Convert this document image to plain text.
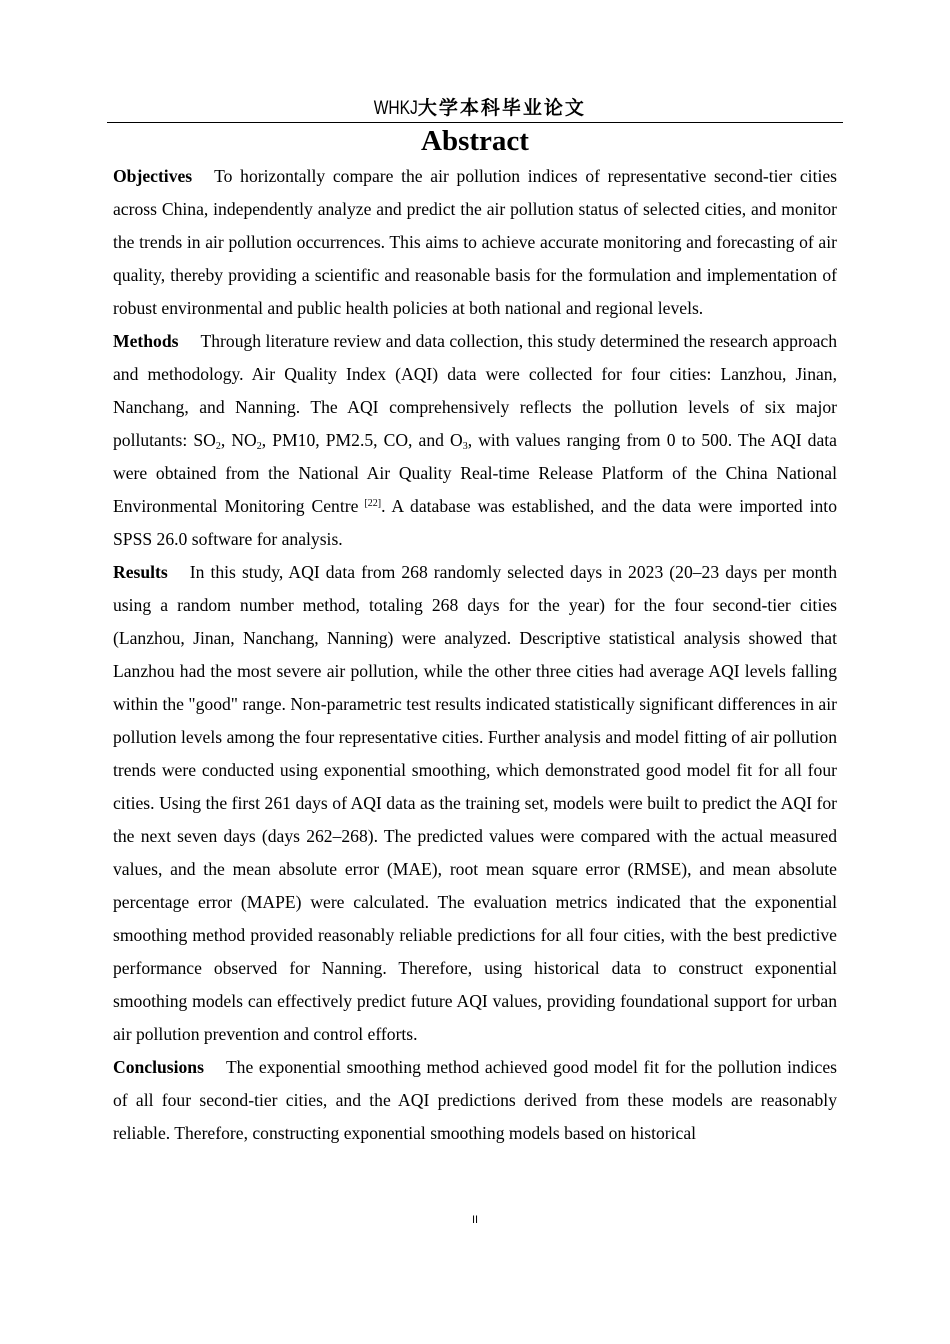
WHKJ大学本科毕业论文
Abstract

Objectives To horizontally compare the air pollution indices of representative second-tier cities across China, independently analyze and predict the air pollution status of selected cities, and monitor the trends in air pollution occurrences. This aims to achieve accurate monitoring and forecasting of air quality, thereby providing a scientific and reasonable basis for the formulation and implementation of robust environmental and public health policies at both national and regional levels.

Methods Through literature review and data collection, this study determined the research approach and methodology. Air Quality Index (AQI) data were collected for four cities: Lanzhou, Jinan, Nanchang, and Nanning. The AQI comprehensively reflects the pollution levels of six major pollutants: $SO_2$, $NO_2$, PM10, PM2.5, CO, and $O_3$, with values ranging from 0 to 500. The AQI data were obtained from the National Air Quality Real-time Release Platform of the China National Environmental Monitoring Centre [22]. A database was established, and the data were imported into SPSS 26.0 software for analysis.

Results In this study, AQI data from 268 randomly selected days in 2023 (20–23 days per month using a random number method, totaling 268 days for the year) for the four second-tier cities (Lanzhou, Jinan, Nanchang, Nanning) were analyzed. Descriptive statistical analysis showed that Lanzhou had the most severe air pollution, while the other three cities had average AQI levels falling within the "good" range. Non-parametric test results indicated statistically significant differences in air pollution levels among the four representative cities. Further analysis and model fitting of air pollution trends were conducted using exponential smoothing, which demonstrated good model fit for all four cities. Using the first 261 days of AQI data as the training set, models were built to predict the AQI for the next seven days (days 262–268). The predicted values were compared with the actual measured values, and the mean absolute error (MAE), root mean square error (RMSE), and mean absolute percentage error (MAPE) were calculated. The evaluation metrics indicated that the exponential smoothing method provided reasonably reliable predictions for all four cities, with the best predictive performance observed for Nanning. Therefore, using historical data to construct exponential smoothing models can effectively predict future AQI values, providing foundational support for urban air pollution prevention and control efforts.

Conclusions The exponential smoothing method achieved good model fit for the pollution indices of all four second-tier cities, and the AQI predictions derived from these models are reasonably reliable. Therefore, constructing exponential smoothing models based on historical

II
